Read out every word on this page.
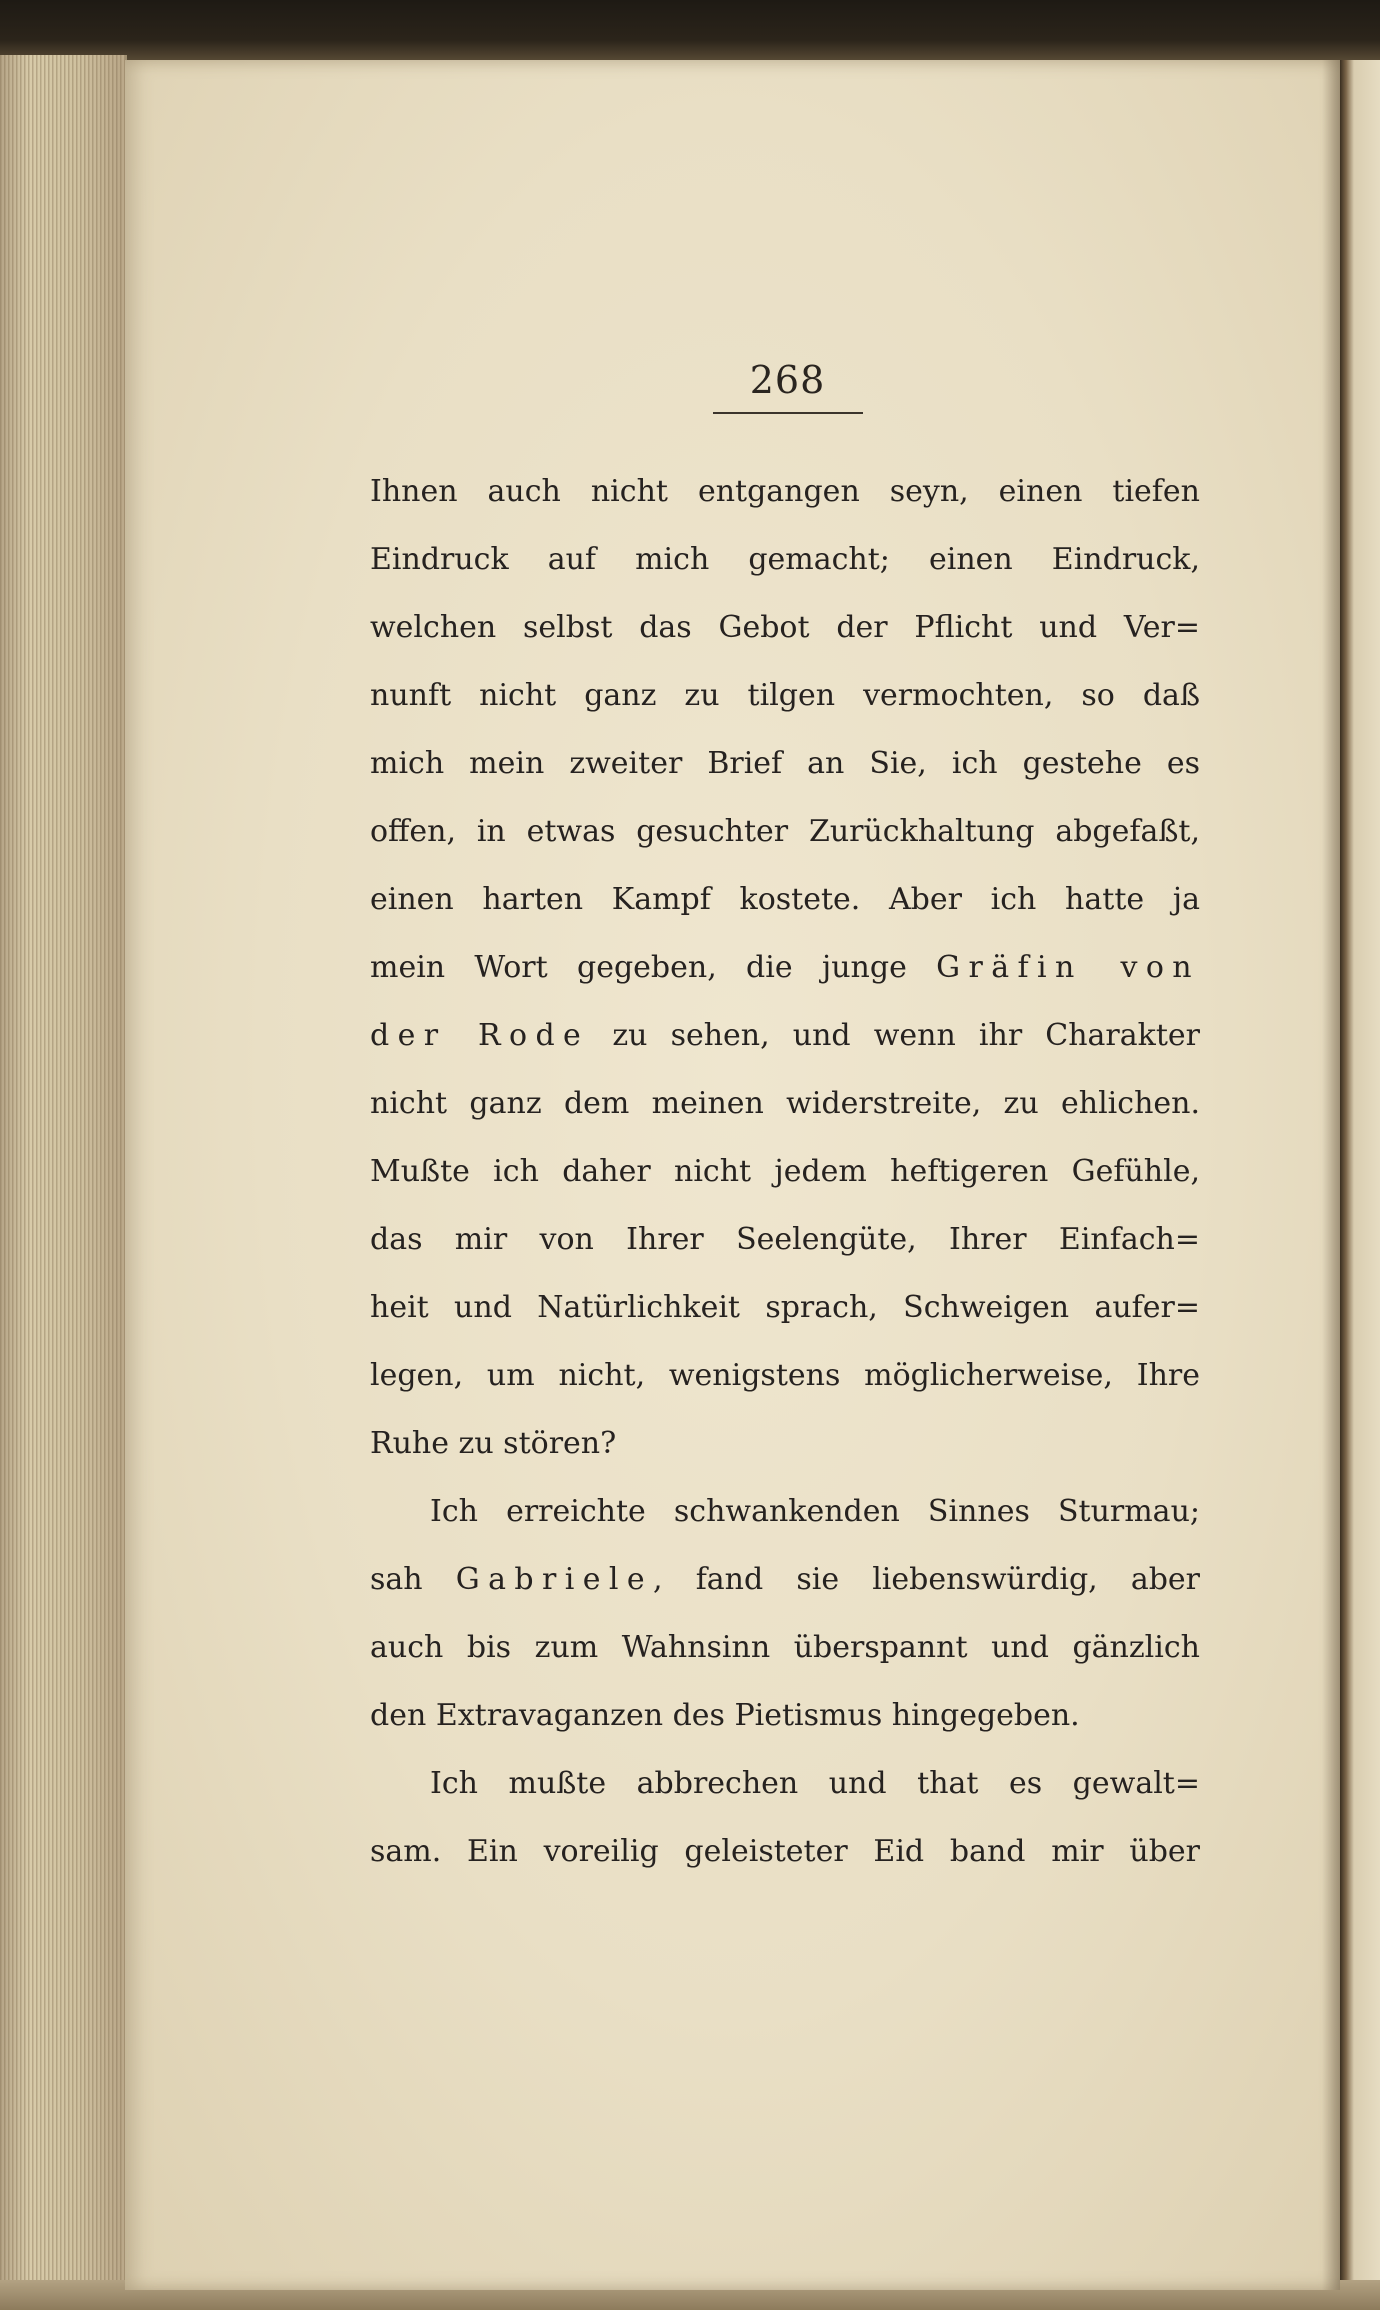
268
Ihnen auch nicht entgangen seyn, einen tiefen
Eindruck auf mich gemacht; einen Eindruck,
welchen selbst das Gebot der Pflicht und Ver=
nunft nicht ganz zu tilgen vermochten, so daß
mich mein zweiter Brief an Sie, ich gestehe es
offen, in etwas gesuchter Zurückhaltung abgefaßt,
einen harten Kampf kostete. Aber ich hatte ja
mein Wort gegeben, die junge Gräfin von
der Rode zu sehen, und wenn ihr Charakter
nicht ganz dem meinen widerstreite, zu ehlichen.
Mußte ich daher nicht jedem heftigeren Gefühle,
das mir von Ihrer Seelengüte, Ihrer Einfach=
heit und Natürlichkeit sprach, Schweigen aufer=
legen, um nicht, wenigstens möglicherweise, Ihre
Ruhe zu stören?
Ich erreichte schwankenden Sinnes Sturmau;
sah Gabriele, fand sie liebenswürdig, aber
auch bis zum Wahnsinn überspannt und gänzlich
den Extravaganzen des Pietismus hingegeben.
Ich mußte abbrechen und that es gewalt=
sam. Ein voreilig geleisteter Eid band mir über
